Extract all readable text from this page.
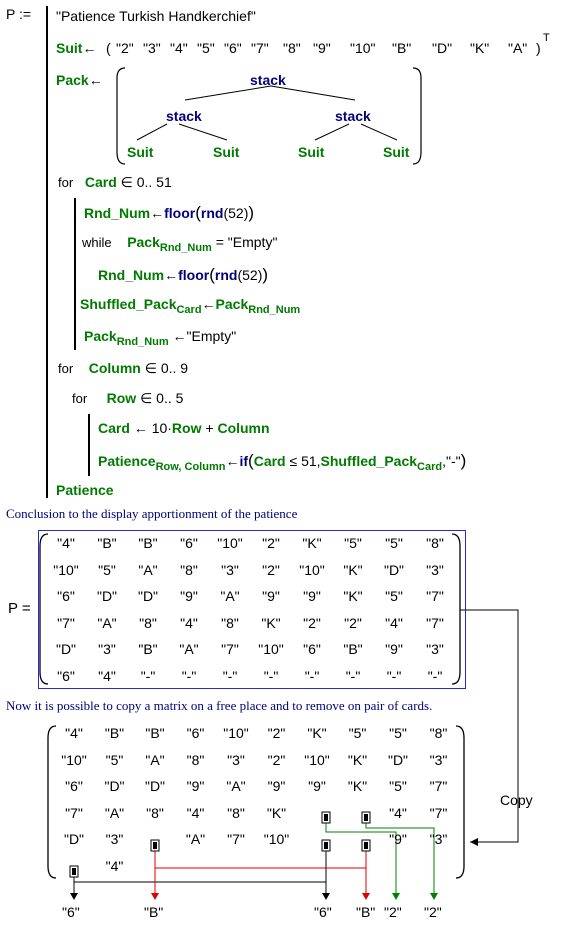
P := "Patience Turkish Handkerchief"
Suit← ( "2" "3" "4" "5" "6" "7" "8" "9" "10" "B" "D" "K" "A" )
T
Pack←	stack
stack	stack
Suit	Suit	Suit	Suit
for Card ∈ 0.. 51
Rnd_Num←floor(rnd(52))
while Pack$_{Rnd\_Num}$ = "Empty"
Rnd_Num←floor(rnd(52))
Shuffled_Pack$_{Card}$←Pack$_{Rnd\_Num}$
Pack$_{Rnd\_Num}$ ←"Empty"
for Column ∈ 0.. 9
for Row ∈ 0.. 5
Card ← 10·Row + Column
Patience$_{Row, Column}$←if(Card ≤ 51,Shuffled_Pack$_{Card}$,"-")
Patience
Conclusion to the display apportionment of the patience
P =
"4"	"B"	"B"	"6"	"10"	"2"	"K"	"5"	"5"	"8"
"10"	"5"	"A"	"8"	"3"	"2"	"10"	"K"	"D"	"3"
"6"	"D"	"D"	"9"	"A"	"9"	"9"	"K"	"5"	"7"
"7"	"A"	"8"	"4"	"8"	"K"	"2"	"2"	"4"	"7"
"D"	"3"	"B"	"A"	"7"	"10"	"6"	"B"	"9"	"3"
"6"	"4"	"-"	"-"	"-"	"-"	"-"	"-"	"-"	"-"
Now it is possible to copy a matrix on a free place and to remove on pair of cards.
"4"	"B"	"B"	"6"	"10"	"2"	"K"	"5"	"5"	"8"
"10"	"5"	"A"	"8"	"3"	"2"	"10"	"K"	"D"	"3"
"6"	"D"	"D"	"9"	"A"	"9"	"9"	"K"	"5"	"7"
"7"	"A"	"8"	"4"	"8"	"K"	"4"	"7"
"D"	"3"	"A"	"7"	"10"	"9"	"3"
"4"
Copy
"6"	"B"	"6" "B" "2" "2"
